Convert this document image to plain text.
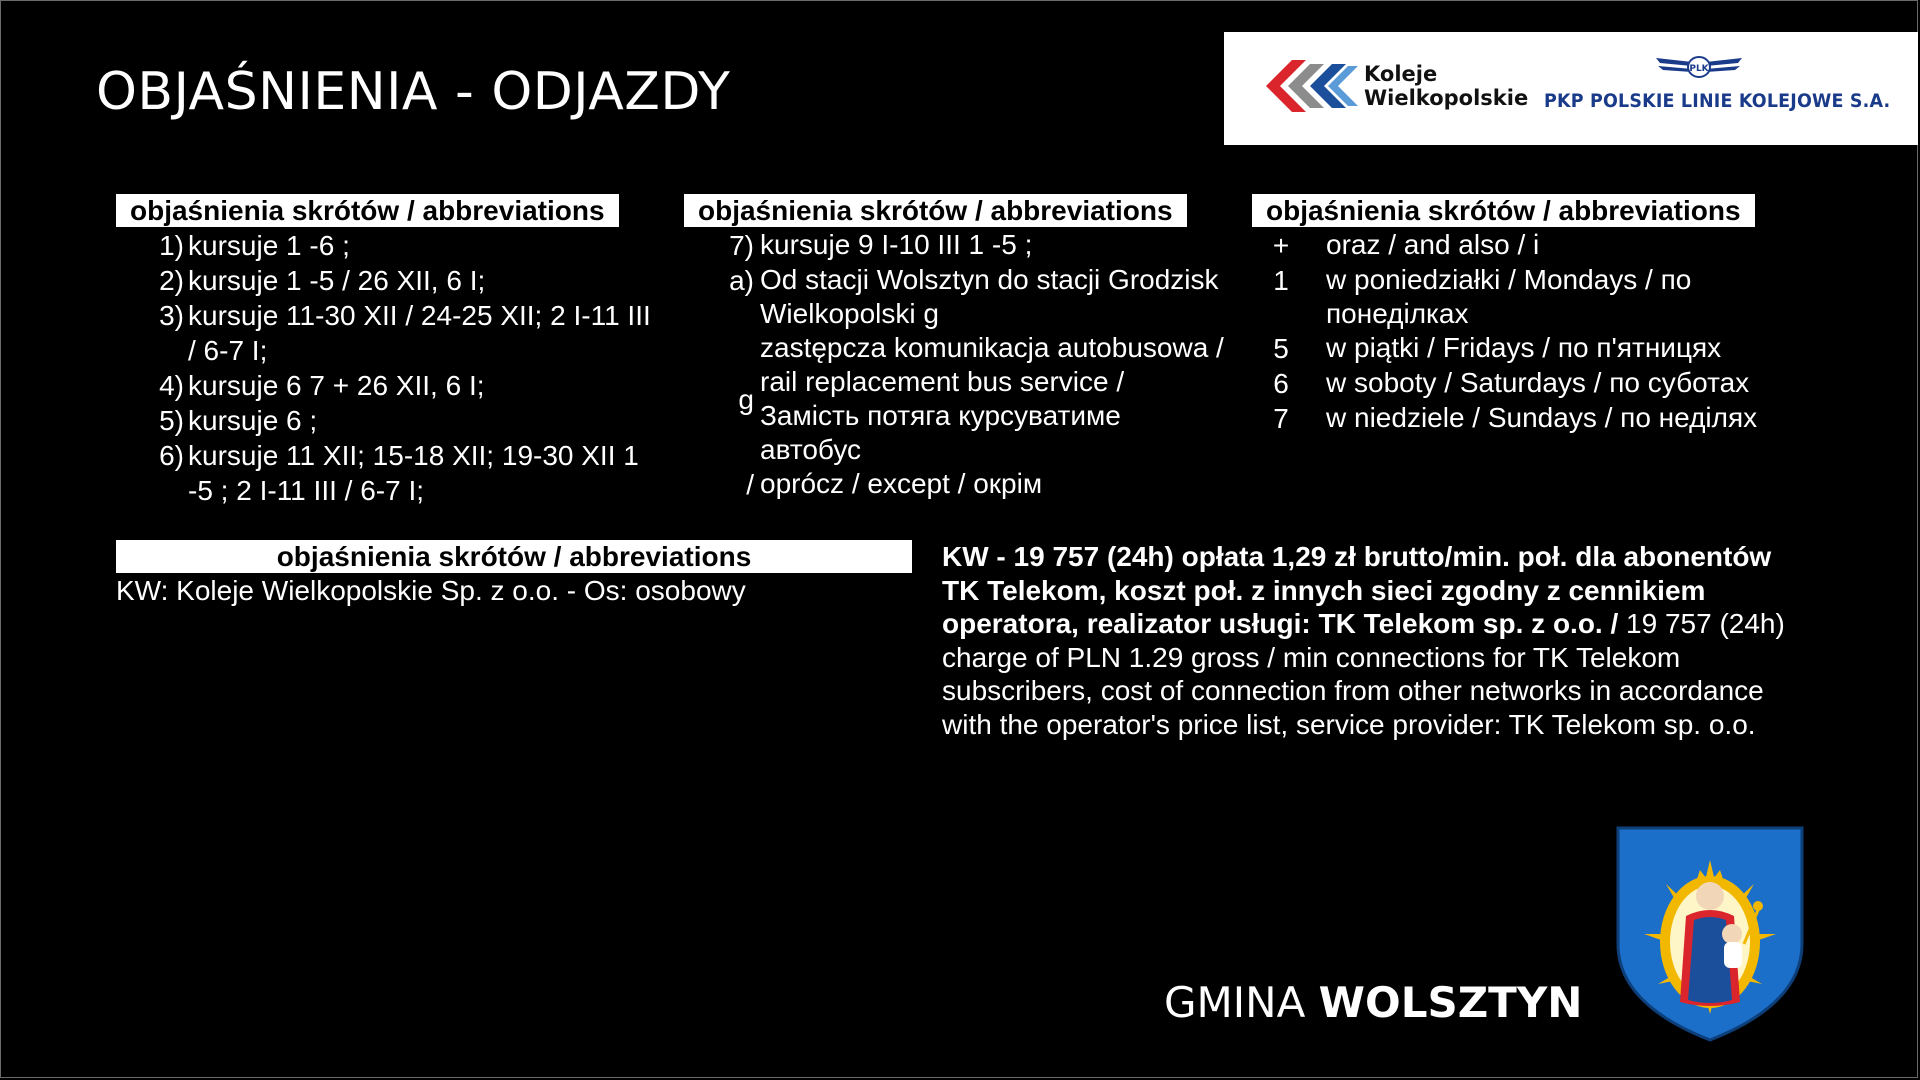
OBJAŚNIENIA - ODJAZDY	Koleje
Wielkopolskie
PLK
PKP POLSKIE LINIE KOLEJOWE S.A.
objaśnienia skrótów / abbreviations
1) kursuje 1 -6 ;
2) kursuje 1 -5 / 26 XII, 6 I;
3) kursuje 11-30 XII / 24-25 XII; 2 I-11 III / 6-7 I;
4) kursuje 6 7 + 26 XII, 6 I;
5) kursuje 6 ;
6) kursuje 11 XII; 15-18 XII; 19-30 XII 1 -5 ; 2 I-11 III / 6-7 I;
objaśnienia skrótów / abbreviations
7) kursuje 9 I-10 III 1 -5 ;
a) Od stacji Wolsztyn do stacji Grodzisk Wielkopolski g
g
zastępcza komunikacja autobusowa / rail replacement bus service / Замість потяга курсуватиме автобус
/ oprócz / except / окрім
objaśnienia skrótów / abbreviations
+	oraz / and also / і
1	w poniedziałki / Mondays / по понеділках
5	w piątki / Fridays / по п'ятницях
6	w soboty / Saturdays / по суботах
7	w niedziele / Sundays / по неділях
objaśnienia skrótów / abbreviations
KW: Koleje Wielkopolskie Sp. z o.o. - Os: osobowy
KW - 19 757 (24h) opłata 1,29 zł brutto/min. poł. dla abonentów TK Telekom, koszt poł. z innych sieci zgodny z cennikiem operatora, realizator usługi: TK Telekom sp. z o.o. / 19 757 (24h) charge of PLN 1.29 gross / min connections for TK Telekom subscribers, cost of connection from other networks in accordance with the operator's price list, service provider: TK Telekom sp. o.o.
GMINA WOLSZTYN
